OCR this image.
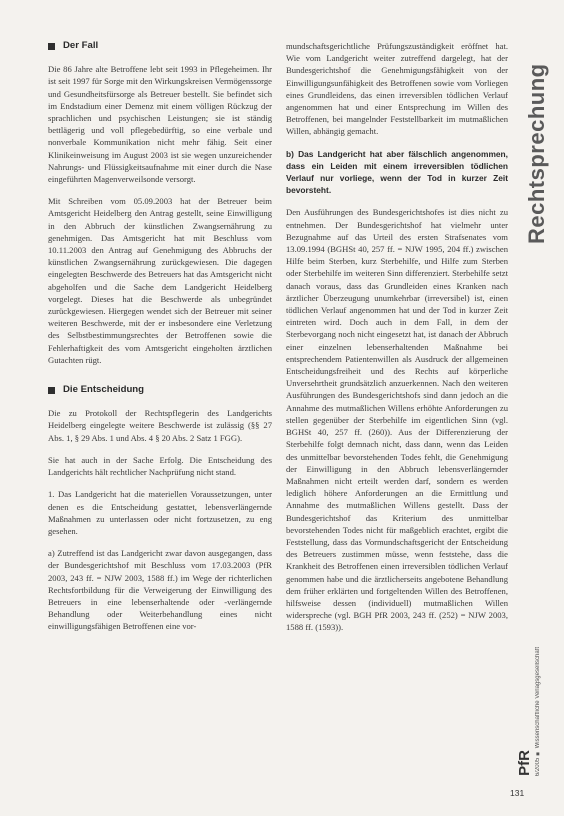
Der Fall

Die 86 Jahre alte Betroffene lebt seit 1993 in Pflegeheimen. Ihr ist seit 1997 für Sorge mit den Wirkungskreisen Vermögenssorge und Gesundheitsfürsorge als Betreuer bestellt. Sie befindet sich im Endstadium einer Demenz mit einem völligen Rückzug der sprachlichen und psychischen Leistungen; sie ist ständig bettlägerig und voll pflegebedürftig, so eine verbale und nonverbale Kommunikation nicht mehr fähig. Seit einer Klinikeinweisung im August 2003 ist sie wegen unzureichender Nahrungs- und Flüssigkeitsaufnahme mit einer durch die Nase eingeführten Magenverweilsonde versorgt.

Mit Schreiben vom 05.09.2003 hat der Betreuer beim Amtsgericht Heidelberg den Antrag gestellt, seine Einwilligung in den Abbruch der künstlichen Zwangsernährung zu genehmigen. Das Amtsgericht hat mit Beschluss vom 10.11.2003 den Antrag auf Genehmigung des Abbruchs der künstlichen Zwangsernährung zurückgewiesen. Die dagegen eingelegten Beschwerde des Betreuers hat das Amtsgericht nicht abgeholfen und die Sache dem Landgericht Heidelberg vorgelegt. Dieses hat die Beschwerde als unbegründet zurückgewiesen. Hiergegen wendet sich der Betreuer mit seiner weiteren Beschwerde, mit der er insbesondere eine Verletzung des Selbstbestimmungsrechtes der Betroffenen sowie die Fehlerhaftigkeit des vom Amtsgericht eingeholten ärztlichen Gutachten rügt.

Die Entscheidung

Die zu Protokoll der Rechtspflegerin des Landgerichts Heidelberg eingelegte weitere Beschwerde ist zulässig (§§ 27 Abs. 1, § 29 Abs. 1 und Abs. 4 § 20 Abs. 2 Satz 1 FGG).

Sie hat auch in der Sache Erfolg. Die Entscheidung des Landgerichts hält rechtlicher Nachprüfung nicht stand.

1. Das Landgericht hat die materiellen Voraussetzungen, unter denen es die Entscheidung gestattet, lebensverlängernde Maßnahmen zu unterlassen oder nicht fortzusetzen, zu eng gesehen.

a) Zutreffend ist das Landgericht zwar davon ausgegangen, dass der Bundesgerichtshof mit Beschluss vom 17.03.2003 (PfR 2003, 243 ff. = NJW 2003, 1588 ff.) im Wege der richterlichen Rechtsfortbildung für die Verweigerung der Einwilligung des Betreuers in eine lebenserhaltende oder -verlängernde Behandlung oder Weiterbehandlung eines nicht einwilligungsfähigen Betroffenen eine vor-

mundschaftsgerichtliche Prüfungszuständigkeit eröffnet hat. Wie vom Landgericht weiter zutreffend dargelegt, hat der Bundesgerichtshof die Genehmigungsfähigkeit von der Einwilligungsunfähigkeit des Betroffenen sowie vom Vorliegen eines Grundleidens, das einen irreversiblen tödlichen Verlauf angenommen hat und einer Entsprechung im Willen des Betroffenen, bei mangelnder Feststellbarkeit im mutmaßlichen Willen, abhängig gemacht.

b) Das Landgericht hat aber fälschlich angenommen, dass ein Leiden mit einem irreversiblen tödlichen Verlauf nur vorliege, wenn der Tod in kurzer Zeit bevorsteht.

Den Ausführungen des Bundesgerichtshofes ist dies nicht zu entnehmen. Der Bundesgerichtshof hat vielmehr unter Bezugnahme auf das Urteil des ersten Strafsenates vom 13.09.1994 (BGHSt 40, 257 ff. = NJW 1995, 204 ff.) zwischen Hilfe beim Sterben, kurz Sterbehilfe, und Hilfe zum Sterben oder Sterbehilfe im weiteren Sinn differenziert. Sterbehilfe setzt danach voraus, dass das Grundleiden eines Kranken nach ärztlicher Überzeugung unumkehrbar (irreversibel) ist, einen tödlichen Verlauf angenommen hat und der Tod in kurzer Zeit eintreten wird. Doch auch in dem Fall, in dem der Sterbevorgang noch nicht eingesetzt hat, ist danach der Abbruch einer einzelnen lebenserhaltenden Maßnahme bei entsprechendem Patientenwillen als Ausdruck der allgemeinen Entscheidungsfreiheit und des Rechts auf körperliche Unversehrtheit grundsätzlich anzuerkennen. Nach den weiteren Ausführungen des Bundesgerichtshofs sind dann jedoch an die Annahme des mutmaßlichen Willens erhöhte Anforderungen zu stellen gegenüber der Sterbehilfe im eigentlichen Sinn (vgl. BGHSt 40, 257 ff. (260)). Aus der Differenzierung der Sterbehilfe folgt demnach nicht, dass dann, wenn das Leiden des unmittelbar bevorstehenden Todes fehlt, die Genehmigung der Einwilligung in den Abbruch lebensverlängernder Maßnahmen nicht erteilt werden darf, sondern es werden lediglich höhere Anforderungen an die Ermittlung und Annahme des mutmaßlichen Willens gestellt. Dass der Bundesgerichtshof das Kriterium des unmittelbar bevorstehenden Todes nicht für maßgeblich erachtet, ergibt die Feststellung, dass das Vormundschaftsgericht der Entscheidung des Betreuers zustimmen müsse, wenn feststehe, dass die Krankheit des Betroffenen einen irreversiblen tödlichen Verlauf genommen habe und die ärztlicherseits angebotene Behandlung dem früher erklärten und fortgeltenden Willen des Betroffenen, hilfsweise dessen (individuell) mutmaßlichen Willen widerspreche (vgl. BGH PfR 2003, 243 ff. (252) = NJW 2003, 1588 ff. (1593)).

Rechtsprechung
PfR 6/2005 ■ Wissenschaftliche Verlagsgesellschaft
131
